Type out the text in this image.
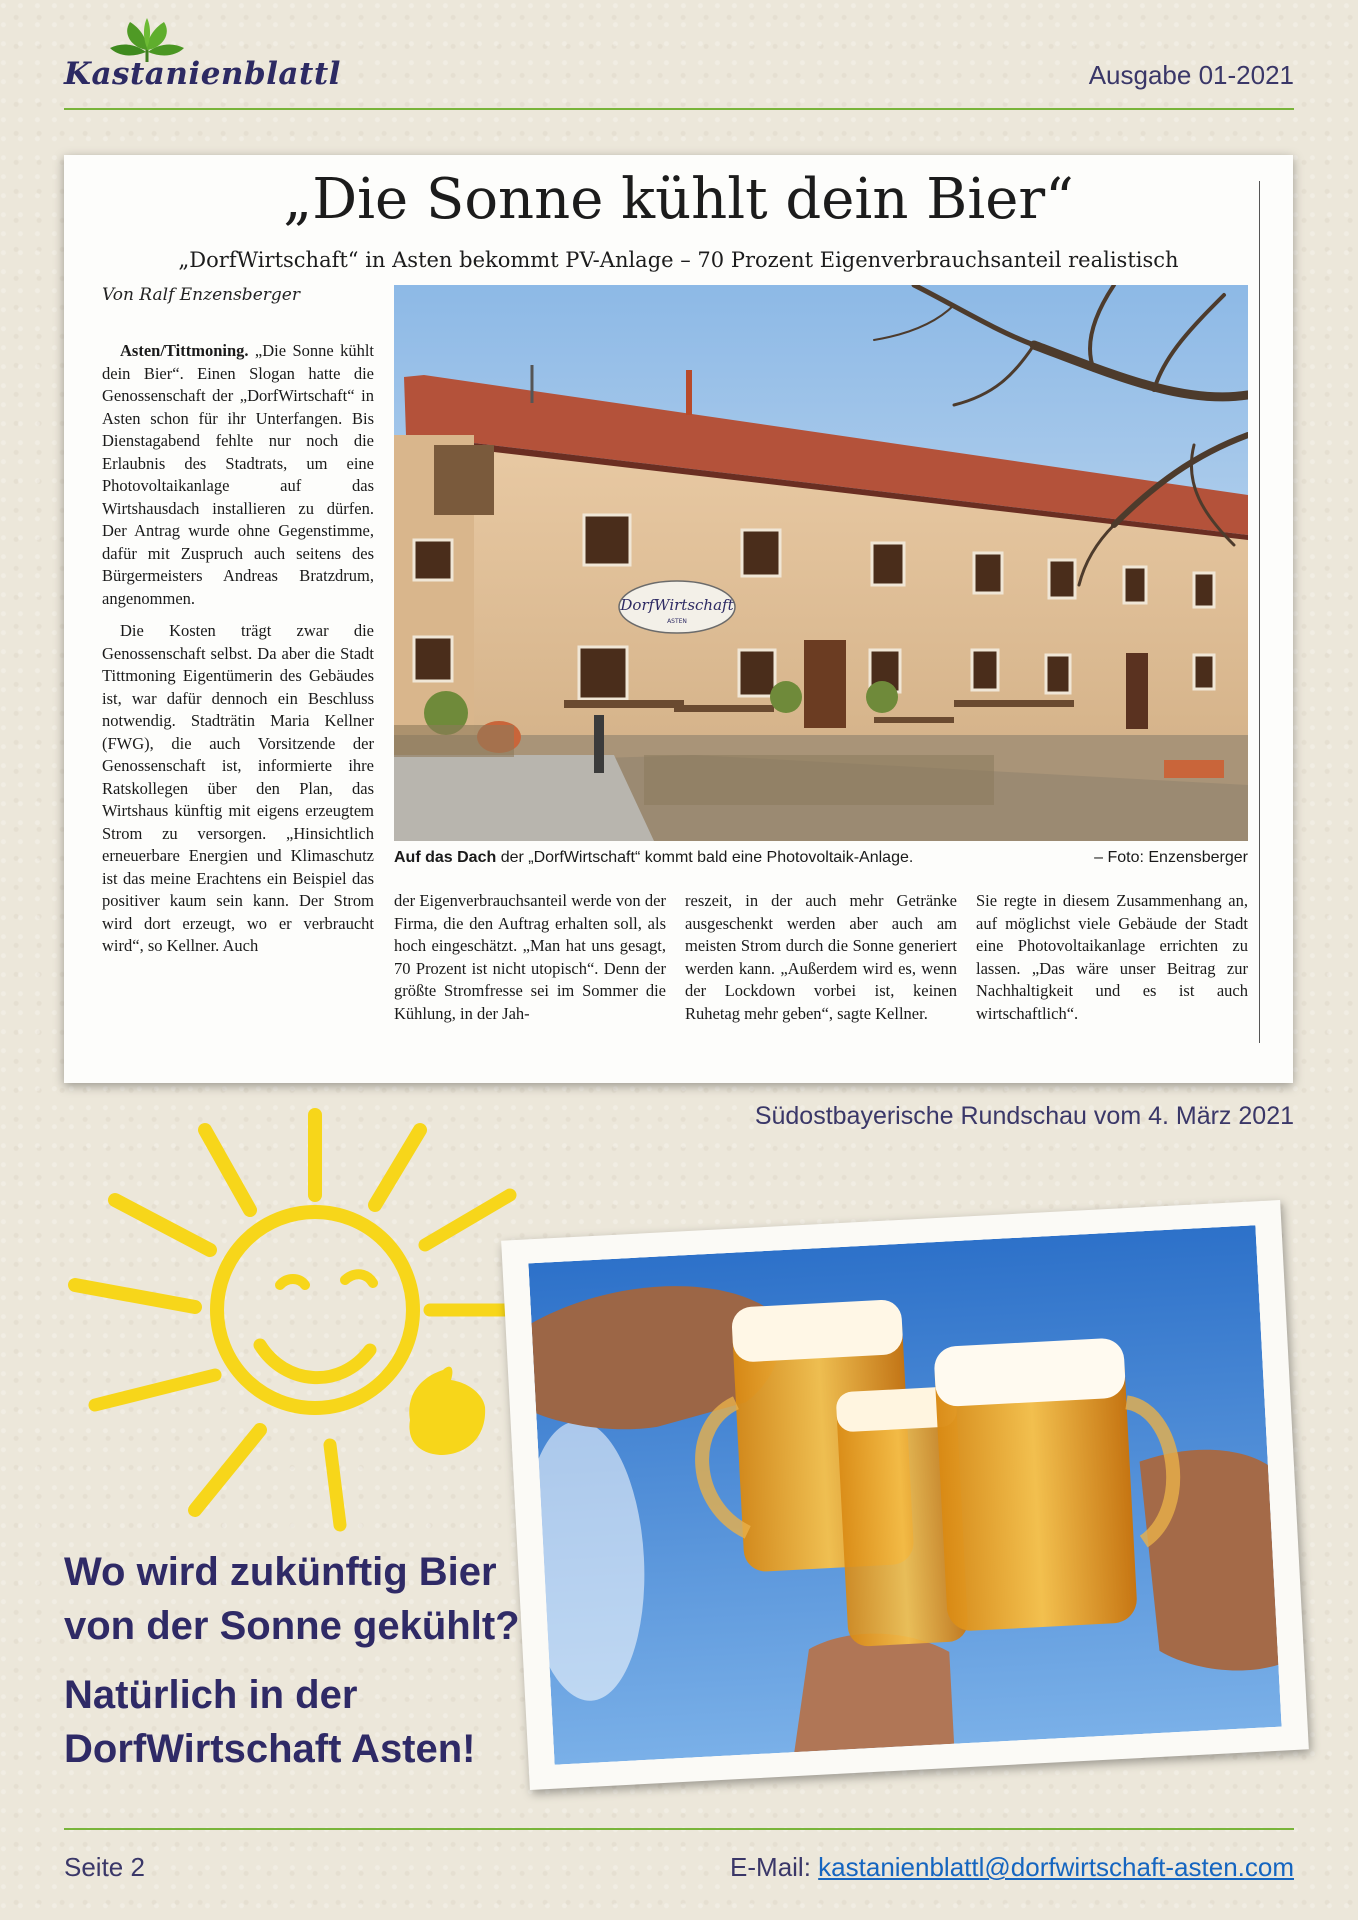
Kastanienblattl	Ausgabe 01-2021
„Die Sonne kühlt dein Bier“
„DorfWirtschaft“ in Asten bekommt PV-Anlage – 70 Prozent Eigenverbrauchsanteil realistisch
Von Ralf Enzensberger

Asten/Tittmoning. „Die Sonne kühlt dein Bier“. Einen Slogan hatte die Genossenschaft der „DorfWirtschaft“ in Asten schon für ihr Unterfangen. Bis Dienstagabend fehlte nur noch die Erlaubnis des Stadtrats, um eine Photovoltaikanlage auf das Wirtshausdach installieren zu dürfen. Der Antrag wurde ohne Gegenstimme, dafür mit Zuspruch auch seitens des Bürgermeisters Andreas Bratzdrum, angenommen.

Die Kosten trägt zwar die Genossenschaft selbst. Da aber die Stadt Tittmoning Eigentümerin des Gebäudes ist, war dafür dennoch ein Beschluss notwendig. Stadträtin Maria Kellner (FWG), die auch Vorsitzende der Genossenschaft ist, informierte ihre Ratskollegen über den Plan, das Wirtshaus künftig mit eigens erzeugtem Strom zu versorgen. „Hinsichtlich erneuerbare Energien und Klimaschutz ist das meine Erachtens ein Beispiel das positiver kaum sein kann. Der Strom wird dort erzeugt, wo er verbraucht wird“, so Kellner. Auch

DorfWirtschaft
ASTEN
Auf das Dach der „DorfWirtschaft“ kommt bald eine Photovoltaik-Anlage.	– Foto: Enzensberger
der Eigenverbrauchsanteil werde von der Firma, die den Auftrag erhalten soll, als hoch eingeschätzt. „Man hat uns gesagt, 70 Prozent ist nicht utopisch“. Denn der größte Stromfresse sei im Sommer die Kühlung, in der Jah-
reszeit, in der auch mehr Getränke ausgeschenkt werden aber auch am meisten Strom durch die Sonne generiert werden kann. „Außerdem wird es, wenn der Lockdown vorbei ist, keinen Ruhetag mehr geben“, sagte Kellner.
Sie regte in diesem Zusammenhang an, auf möglichst viele Gebäude der Stadt eine Photovoltaikanlage errichten zu lassen. „Das wäre unser Beitrag zur Nachhaltigkeit und es ist auch wirtschaftlich“.
Südostbayerische Rundschau vom 4. März 2021
Wo wird zukünftig Bier
von der Sonne gekühlt?
Natürlich in der
DorfWirtschaft Asten!
Seite 2	E-Mail: kastanienblattl@dorfwirtschaft-asten.com
